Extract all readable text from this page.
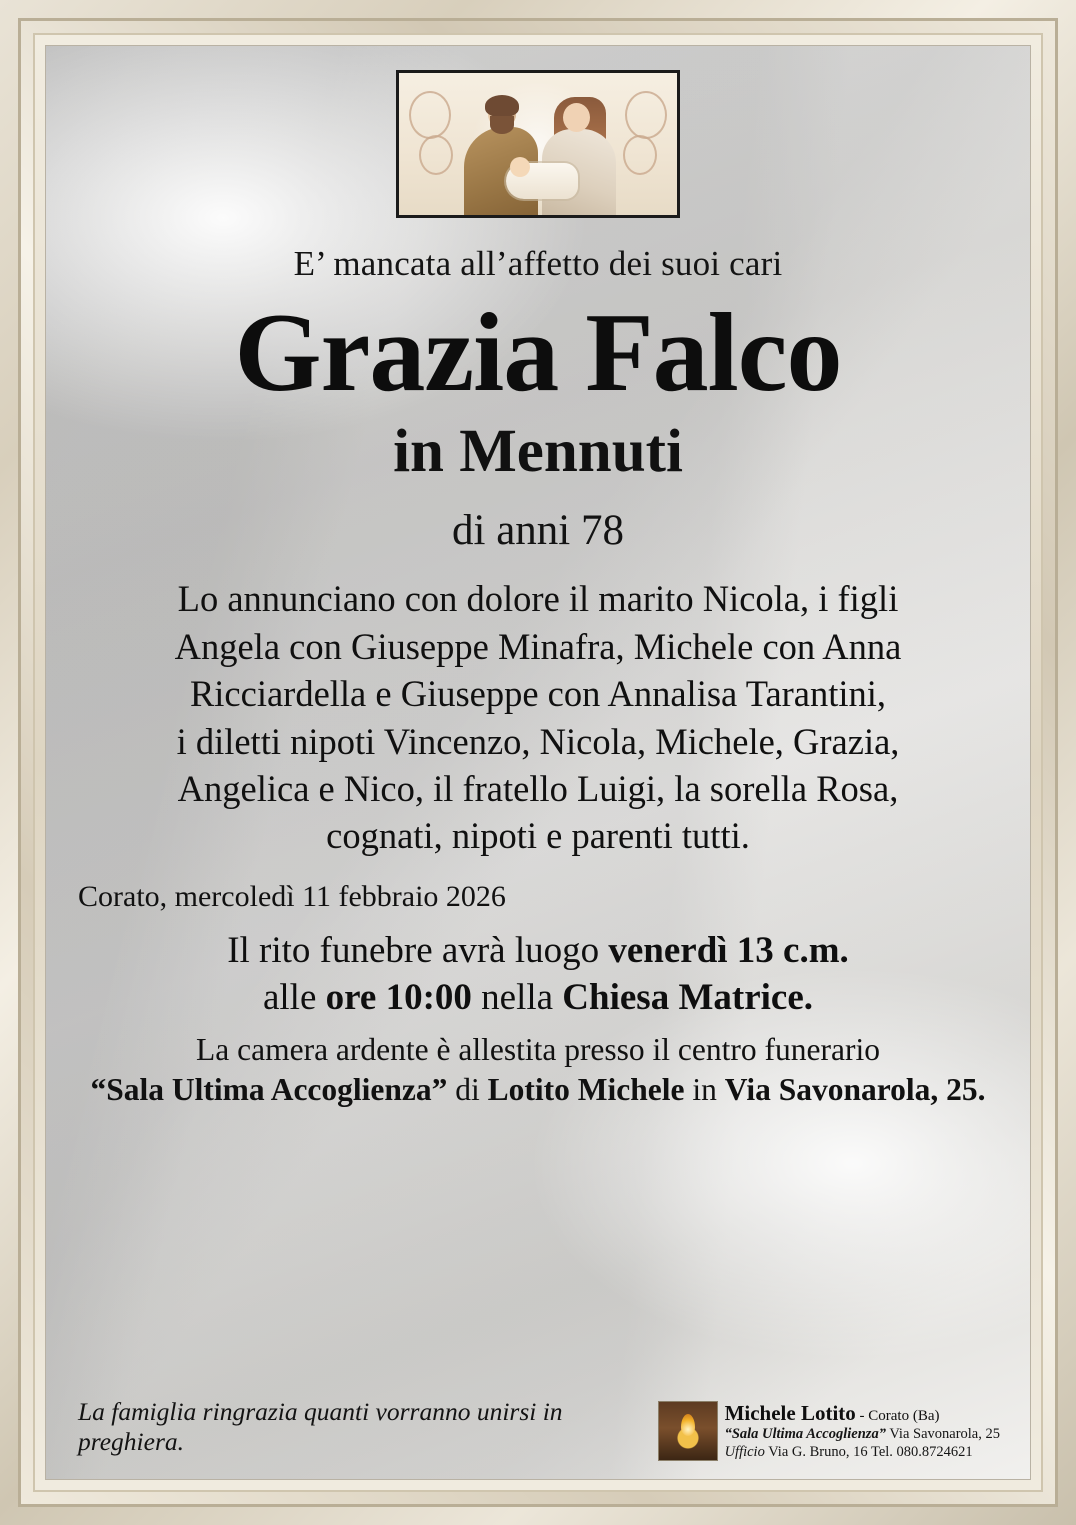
E’ mancata all’affetto dei suoi cari
Grazia Falco
in Mennuti
di anni 78
Lo annunciano con dolore il marito Nicola, i figli
Angela con Giuseppe Minafra, Michele con Anna
Ricciardella e Giuseppe con Annalisa Tarantini,
i diletti nipoti Vincenzo, Nicola, Michele, Grazia,
Angelica e Nico, il fratello Luigi, la sorella Rosa,
cognati, nipoti e parenti tutti.
Corato, mercoledì 11 febbraio 2026
Il rito funebre avrà luogo venerdì 13 c.m.
alle ore 10:00 nella Chiesa Matrice.
La camera ardente è allestita presso il centro funerario
“Sala Ultima Accoglienza” di Lotito Michele in Via Savonarola, 25.
La famiglia ringrazia quanti vorranno unirsi in preghiera.
Michele Lotito - Corato (Ba)
“Sala Ultima Accoglienza” Via Savonarola, 25
Ufficio Via G. Bruno, 16 Tel. 080.8724621
